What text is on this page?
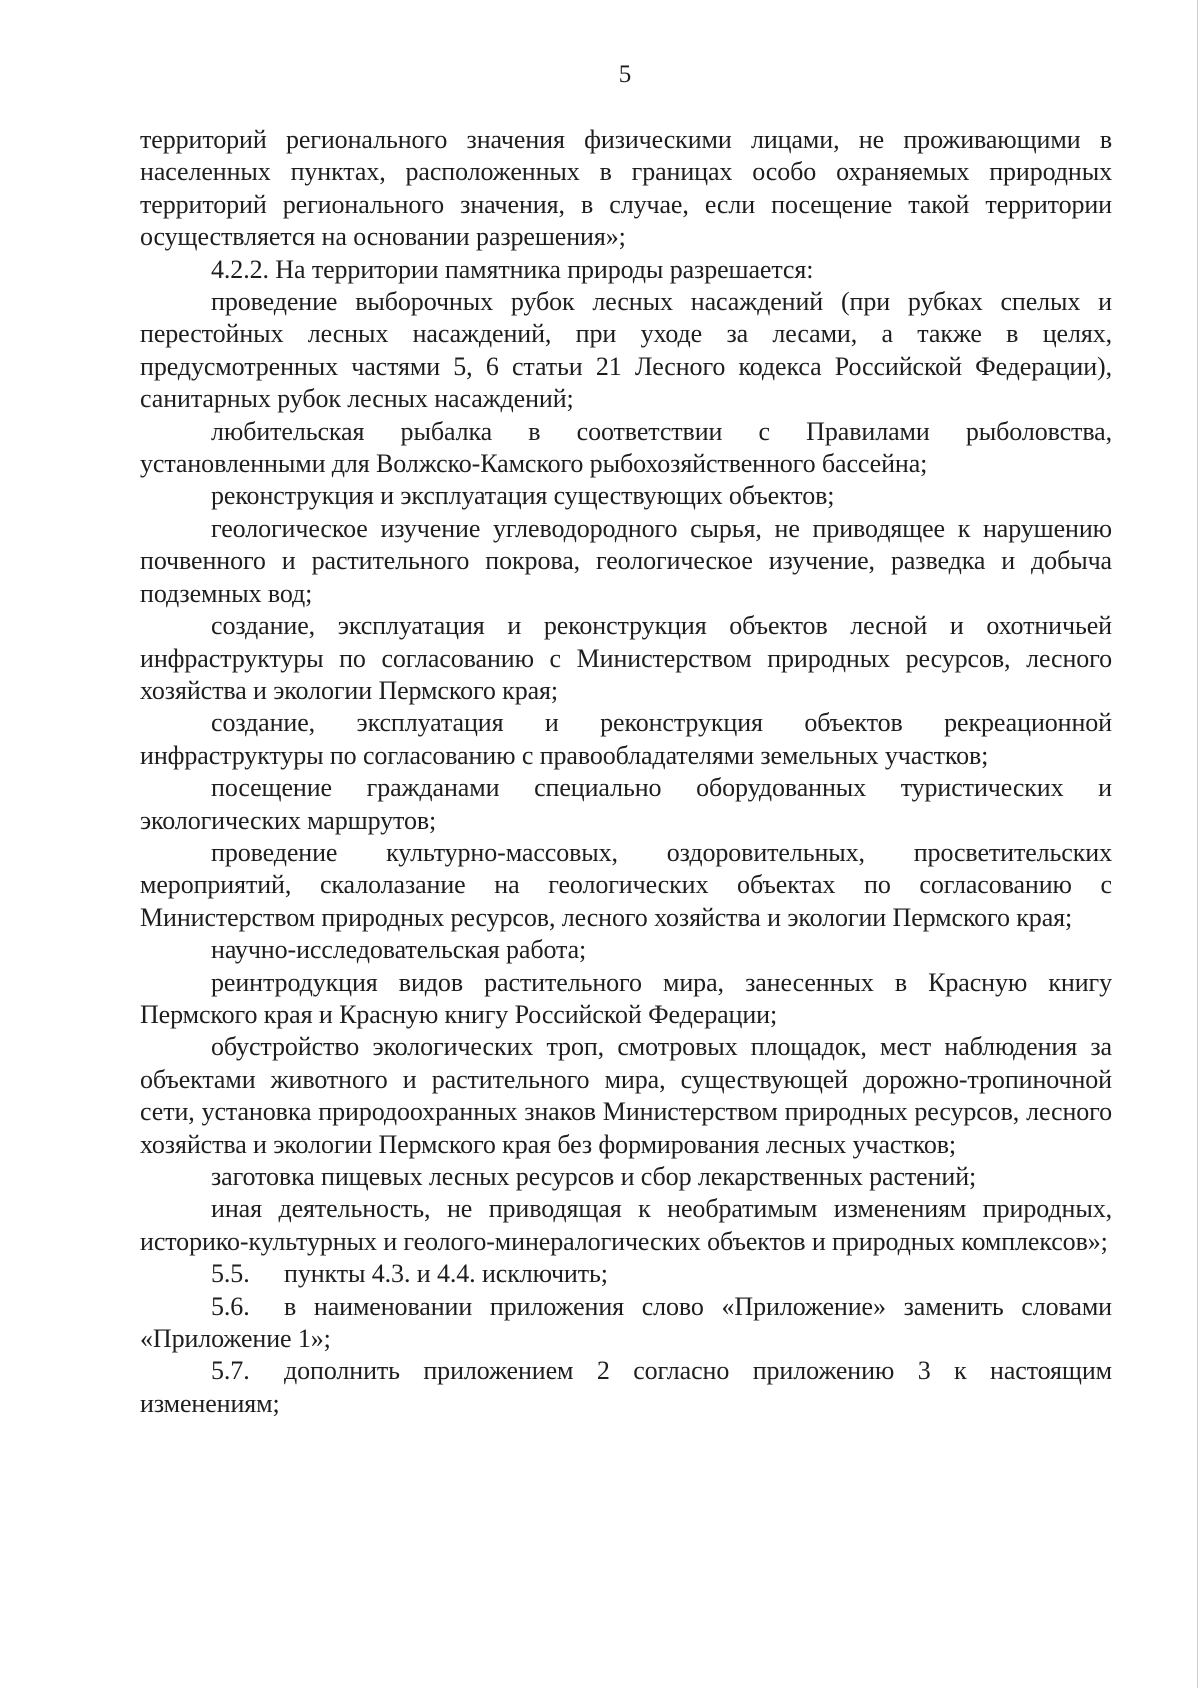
5

территорий регионального значения физическими лицами, не проживающими в населенных пунктах, расположенных в границах особо охраняемых природных территорий регионального значения, в случае, если посещение такой территории осуществляется на основании разрешения»;

4.2.2. На территории памятника природы разрешается:

проведение выборочных рубок лесных насаждений (при рубках спелых и перестойных лесных насаждений, при уходе за лесами, а также в целях, предусмотренных частями 5, 6 статьи 21 Лесного кодекса Российской Федерации), санитарных рубок лесных насаждений;

любительская рыбалка в соответствии с Правилами рыболовства, установленными для Волжско-Камского рыбохозяйственного бассейна;

реконструкция и эксплуатация существующих объектов;

геологическое изучение углеводородного сырья, не приводящее к нарушению почвенного и растительного покрова, геологическое изучение, разведка и добыча подземных вод;

создание, эксплуатация и реконструкция объектов лесной и охотничьей инфраструктуры по согласованию с Министерством природных ресурсов, лесного хозяйства и экологии Пермского края;

создание, эксплуатация и реконструкция объектов рекреационной инфраструктуры по согласованию с правообладателями земельных участков;

посещение гражданами специально оборудованных туристических и экологических маршрутов;

проведение культурно-массовых, оздоровительных, просветительских мероприятий, скалолазание на геологических объектах по согласованию с Министерством природных ресурсов, лесного хозяйства и экологии Пермского края;

научно-исследовательская работа;

реинтродукция видов растительного мира, занесенных в Красную книгу Пермского края и Красную книгу Российской Федерации;

обустройство экологических троп, смотровых площадок, мест наблюдения за объектами животного и растительного мира, существующей дорожно-тропиночной сети, установка природоохранных знаков Министерством природных ресурсов, лесного хозяйства и экологии Пермского края без формирования лесных участков;

заготовка пищевых лесных ресурсов и сбор лекарственных растений;

иная деятельность, не приводящая к необратимым изменениям природных, историко-культурных и геолого-минералогических объектов и природных комплексов»;

5.5. пункты 4.3. и 4.4. исключить;

5.6. в наименовании приложения слово «Приложение» заменить словами «Приложение 1»;

5.7. дополнить приложением 2 согласно приложению 3 к настоящим изменениям;
